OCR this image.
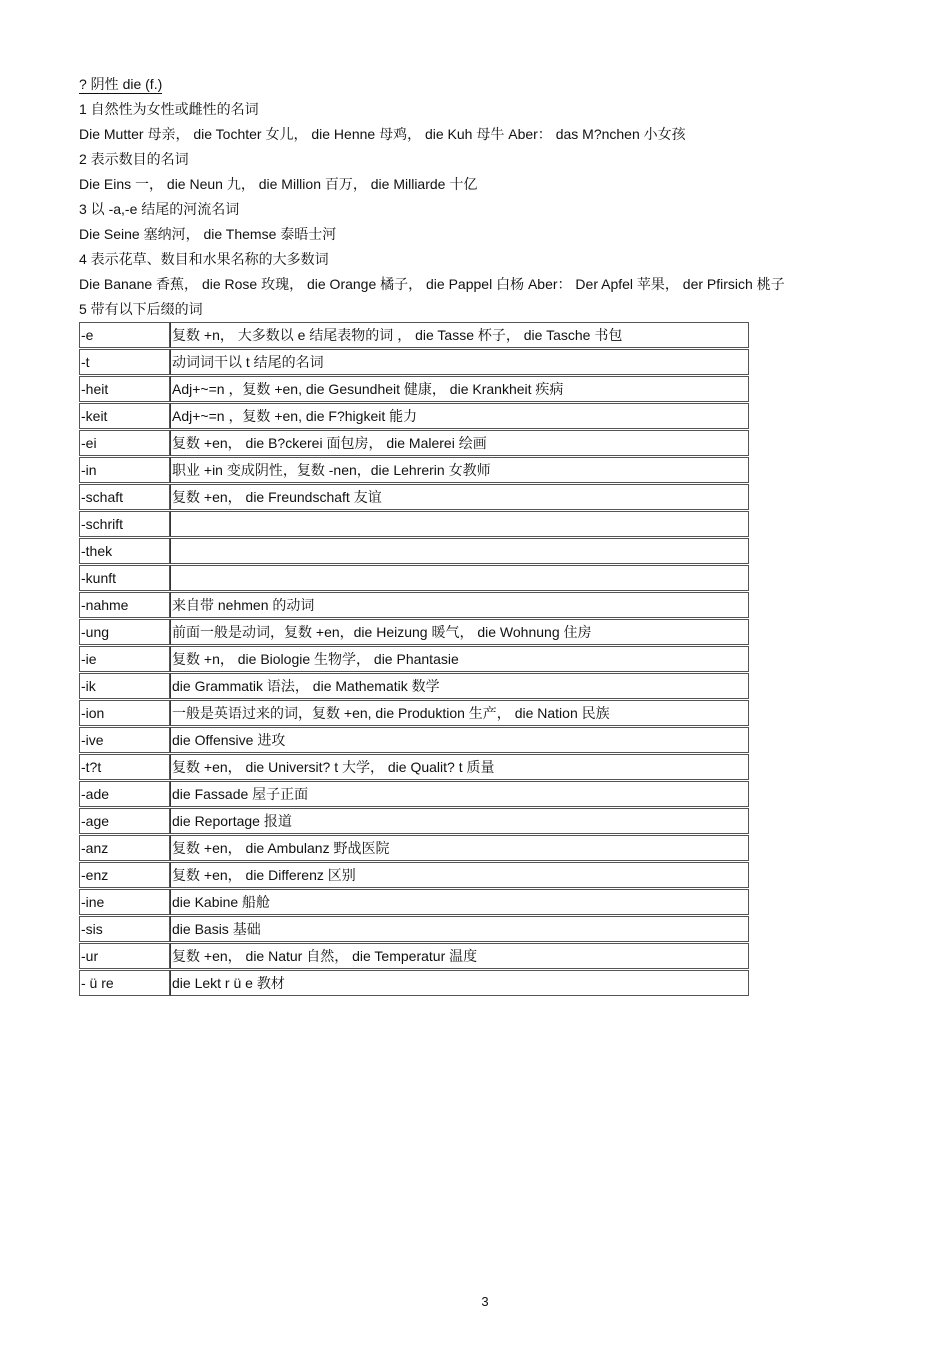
? 阴性 die (f.)
1 自然性为女性或雌性的名词
Die Mutter 母亲， die Tochter 女儿， die Henne 母鸡， die Kuh 母牛 Aber： das M?nchen 小女孩
2 表示数目的名词
Die Eins 一， die Neun 九， die Million 百万， die Milliarde 十亿
3 以 -a,-e 结尾的河流名词
Die Seine 塞纳河， die Themse 泰晤士河
4 表示花草、数目和水果名称的大多数词
Die Banane 香蕉， die Rose 玫瑰， die Orange 橘子， die Pappel 白杨 Aber： Der Apfel 苹果， der Pfirsich 桃子
5 带有以下后缀的词
-e	复数 +n， 大多数以 e 结尾表物的词 ， die Tasse 杯子， die Tasche 书包
-t	动词词干以 t 结尾的名词
-heit	Adj+~=n ，复数 +en, die Gesundheit 健康， die Krankheit 疾病
-keit	Adj+~=n ，复数 +en, die F?higkeit 能力
-ei	复数 +en， die B?ckerei 面包房， die Malerei 绘画
-in	职业 +in 变成阴性，复数 -nen，die Lehrerin 女教师
-schaft	复数 +en， die Freundschaft 友谊
-schrift	
-thek	
-kunft	
-nahme	来自带 nehmen 的动词
-ung	前面一般是动词，复数 +en，die Heizung 暖气， die Wohnung 住房
-ie	复数 +n， die Biologie 生物学， die Phantasie
-ik	die Grammatik 语法， die Mathematik 数学
-ion	一般是英语过来的词，复数 +en, die Produktion 生产， die Nation 民族
-ive	die Offensive 进攻
-t?t	复数 +en， die Universit? t 大学， die Qualit? t 质量
-ade	die Fassade 屋子正面
-age	die Reportage 报道
-anz	复数 +en， die Ambulanz 野战医院
-enz	复数 +en， die Differenz 区别
-ine	die Kabine 船舱
-sis	die Basis 基础
-ur	复数 +en， die Natur 自然， die Temperatur 温度
- ü re	die Lekt r ü e 教材
3
